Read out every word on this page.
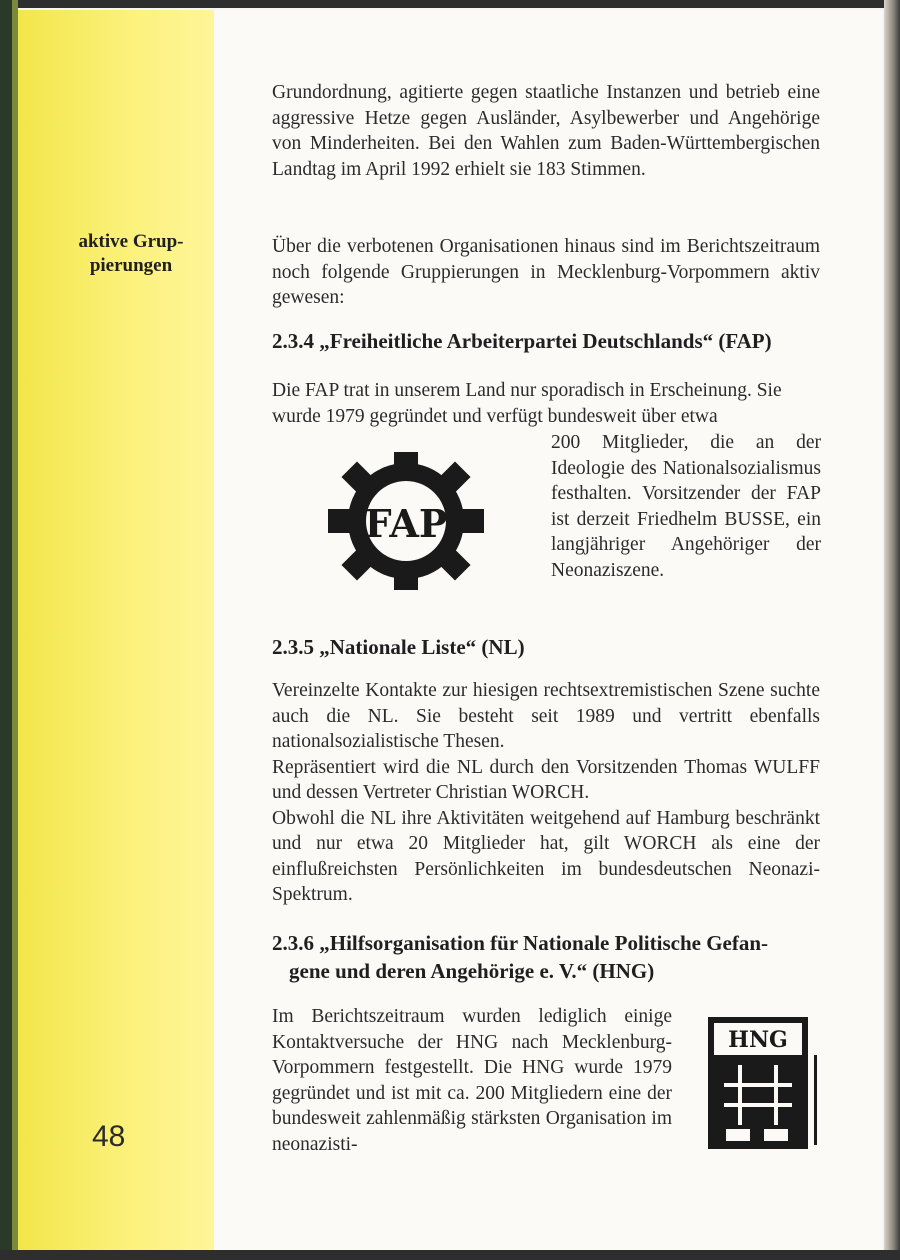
aktive Grup-
pierungen
48
Grundordnung, agitierte gegen staatliche Instanzen und betrieb eine aggressive Hetze gegen Ausländer, Asylbewerber und Angehörige von Minderheiten. Bei den Wahlen zum Baden-Württembergischen Landtag im April 1992 erhielt sie 183 Stimmen.
Über die verbotenen Organisationen hinaus sind im Berichtszeitraum noch folgende Gruppierungen in Mecklenburg-Vorpommern aktiv gewesen:
2.3.4 „Freiheitliche Arbeiterpartei Deutschlands“ (FAP)
Die FAP trat in unserem Land nur sporadisch in Erscheinung. Sie wurde 1979 gegründet und verfügt bundesweit über etwa
200 Mitglieder, die an der Ideologie des Nationalsozialismus festhalten. Vorsitzender der FAP ist derzeit Friedhelm BUSSE, ein langjähriger Angehöriger der Neonaziszene.
FAP
2.3.5 „Nationale Liste“ (NL)
Vereinzelte Kontakte zur hiesigen rechtsextremistischen Szene suchte auch die NL. Sie besteht seit 1989 und vertritt ebenfalls nationalsozialistische Thesen.
Repräsentiert wird die NL durch den Vorsitzenden Thomas WULFF und dessen Vertreter Christian WORCH.
Obwohl die NL ihre Aktivitäten weitgehend auf Hamburg beschränkt und nur etwa 20 Mitglieder hat, gilt WORCH als eine der einflußreichsten Persönlichkeiten im bundesdeutschen Neonazi-Spektrum.
2.3.6 „Hilfsorganisation für Nationale Politische Gefan-
gene und deren Angehörige e. V.“ (HNG)
Im Berichtszeitraum wurden lediglich einige Kontaktversuche der HNG nach Mecklenburg-Vorpommern festgestellt. Die HNG wurde 1979 gegründet und ist mit ca. 200 Mitgliedern eine der bundesweit zahlenmäßig stärksten Organisation im neonazisti-
HNG
